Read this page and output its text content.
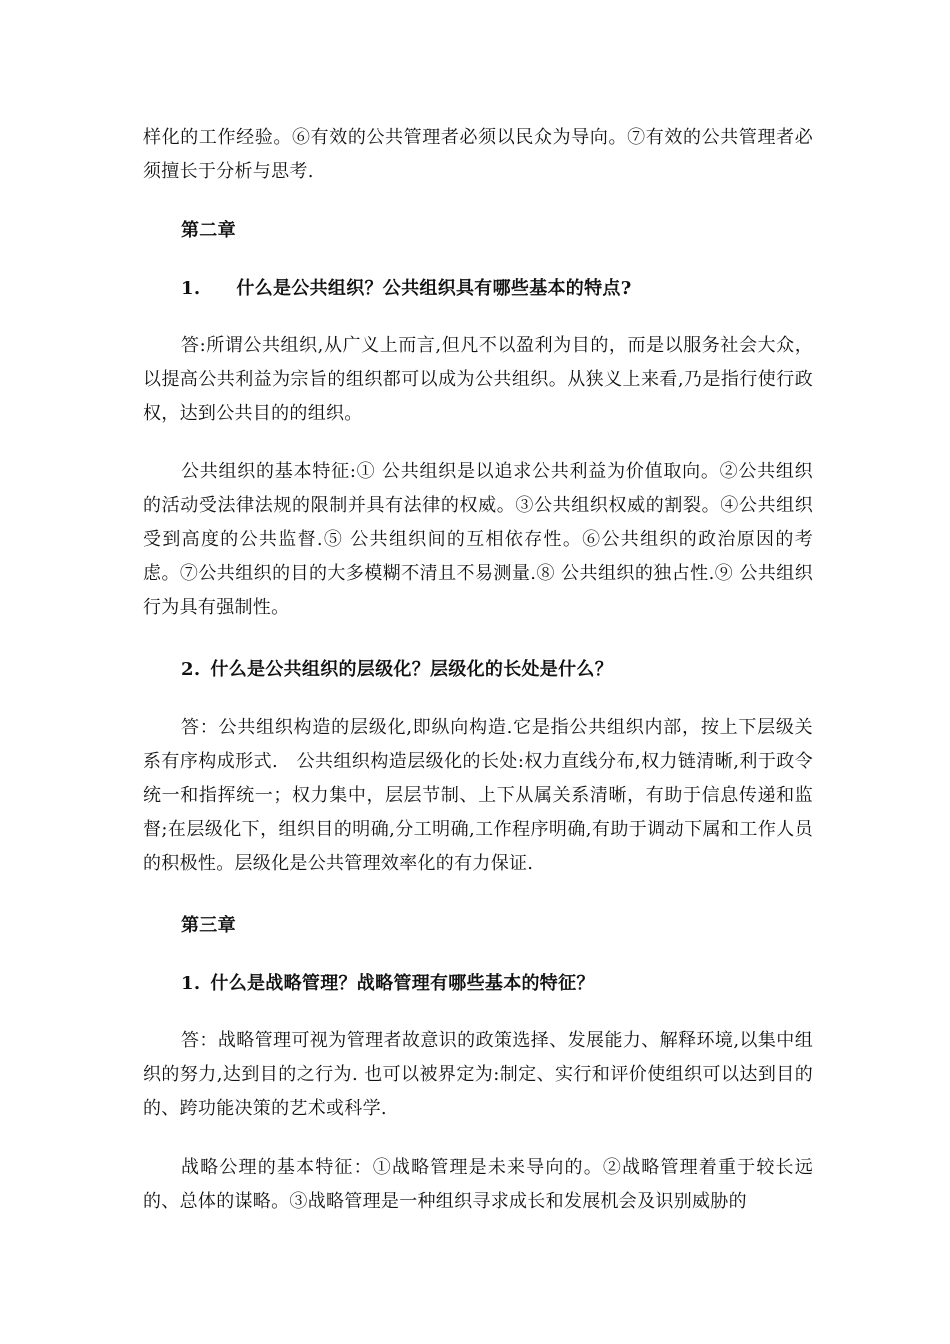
样化的工作经验。⑥有效的公共管理者必须以民众为导向。⑦有效的公共管理者必须擅长于分析与思考.

第二章

1. 什么是公共组织？公共组织具有哪些基本的特点?

答:所谓公共组织,从广义上而言,但凡不以盈利为目的，而是以服务社会大众，以提高公共利益为宗旨的组织都可以成为公共组织。从狭义上来看,乃是指行使行政权，达到公共目的的组织。

公共组织的基本特征:① 公共组织是以追求公共利益为价值取向。②公共组织的活动受法律法规的限制并具有法律的权威。③公共组织权威的割裂。④公共组织受到高度的公共监督.⑤ 公共组织间的互相依存性。⑥公共组织的政治原因的考虑。⑦公共组织的目的大多模糊不清且不易测量.⑧ 公共组织的独占性.⑨ 公共组织行为具有强制性。

2. 什么是公共组织的层级化？层级化的长处是什么？

答：公共组织构造的层级化,即纵向构造.它是指公共组织内部，按上下层级关系有序构成形式.　公共组织构造层级化的长处:权力直线分布,权力链清晰,利于政令统一和指挥统一；权力集中，层层节制、上下从属关系清晰，有助于信息传递和监督;在层级化下，组织目的明确,分工明确,工作程序明确,有助于调动下属和工作人员的积极性。层级化是公共管理效率化的有力保证.

第三章

1. 什么是战略管理？战略管理有哪些基本的特征？

答：战略管理可视为管理者故意识的政策选择、发展能力、解释环境,以集中组织的努力,达到目的之行为. 也可以被界定为:制定、实行和评价使组织可以达到目的的、跨功能决策的艺术或科学.

战略公理的基本特征：①战略管理是未来导向的。②战略管理着重于较长远的、总体的谋略。③战略管理是一种组织寻求成长和发展机会及识别威胁的
